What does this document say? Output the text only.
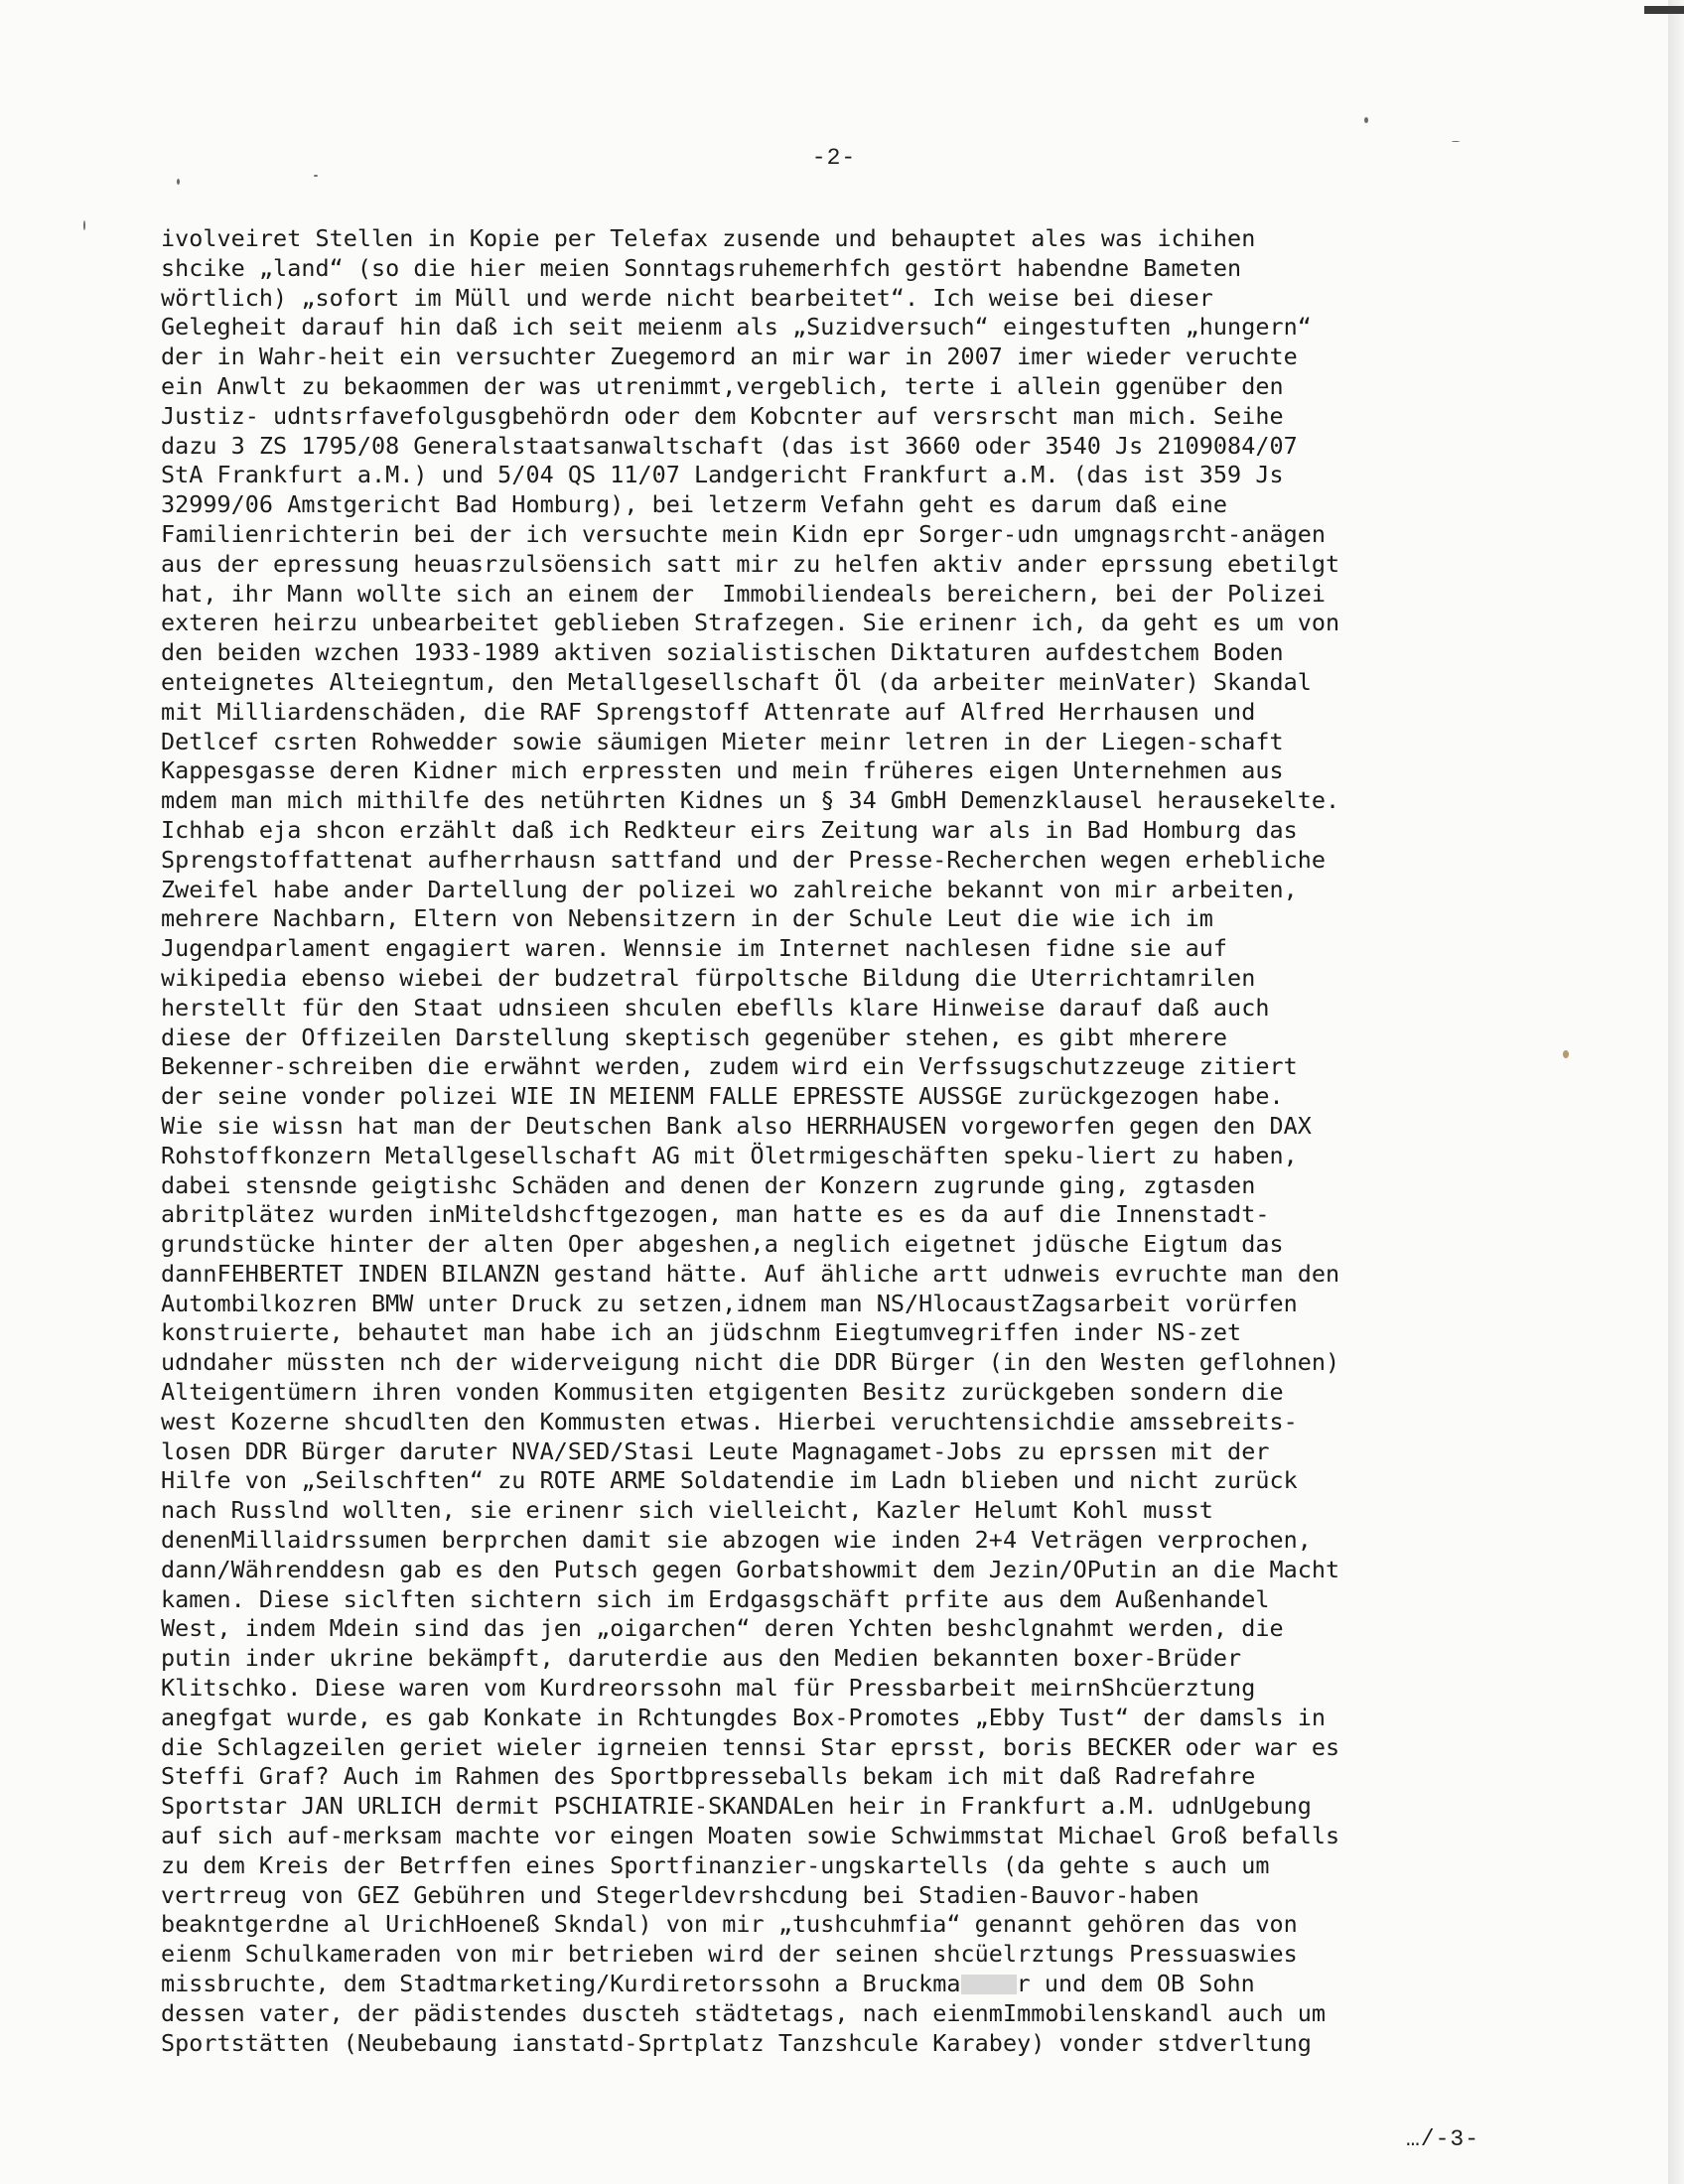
-2-
ivolveiret Stellen in Kopie per Telefax zusende und behauptet ales was ichihen
shcike „land“ (so die hier meien Sonntagsruhemerhfch gestört habendne Bameten
wörtlich) „sofort im Müll und werde nicht bearbeitet“. Ich weise bei dieser
Gelegheit darauf hin daß ich seit meienm als „Suzidversuch“ eingestuften „hungern“
der in Wahr-heit ein versuchter Zuegemord an mir war in 2007 imer wieder veruchte
ein Anwlt zu bekaommen der was utrenimmt,vergeblich, terte i allein ggenüber den
Justiz- udntsrfavefolgusgbehördn oder dem Kobcnter auf versrscht man mich. Seihe
dazu 3 ZS 1795/08 Generalstaatsanwaltschaft (das ist 3660 oder 3540 Js 2109084/07
StA Frankfurt a.M.) und 5/04 QS 11/07 Landgericht Frankfurt a.M. (das ist 359 Js
32999/06 Amstgericht Bad Homburg), bei letzerm Vefahn geht es darum daß eine
Familienrichterin bei der ich versuchte mein Kidn epr Sorger-udn umgnagsrcht-anägen
aus der epressung heuasrzulsöensich satt mir zu helfen aktiv ander eprssung ebetilgt
hat, ihr Mann wollte sich an einem der  Immobiliendeals bereichern, bei der Polizei
exteren heirzu unbearbeitet geblieben Strafzegen. Sie erinenr ich, da geht es um von
den beiden wzchen 1933-1989 aktiven sozialistischen Diktaturen aufdestchem Boden
enteignetes Alteiegntum, den Metallgesellschaft Öl (da arbeiter meinVater) Skandal
mit Milliardenschäden, die RAF Sprengstoff Attenrate auf Alfred Herrhausen und
Detlcef csrten Rohwedder sowie säumigen Mieter meinr letren in der Liegen-schaft
Kappesgasse deren Kidner mich erpressten und mein früheres eigen Unternehmen aus
mdem man mich mithilfe des netührten Kidnes un § 34 GmbH Demenzklausel herausekelte.
Ichhab eja shcon erzählt daß ich Redkteur eirs Zeitung war als in Bad Homburg das
Sprengstoffattenat aufherrhausn sattfand und der Presse-Recherchen wegen erhebliche
Zweifel habe ander Dartellung der polizei wo zahlreiche bekannt von mir arbeiten,
mehrere Nachbarn, Eltern von Nebensitzern in der Schule Leut die wie ich im
Jugendparlament engagiert waren. Wennsie im Internet nachlesen fidne sie auf
wikipedia ebenso wiebei der budzetral fürpoltsche Bildung die Uterrichtamrilen
herstellt für den Staat udnsieen shculen ebeflls klare Hinweise darauf daß auch
diese der Offizeilen Darstellung skeptisch gegenüber stehen, es gibt mherere
Bekenner-schreiben die erwähnt werden, zudem wird ein Verfssugschutzzeuge zitiert
der seine vonder polizei WIE IN MEIENM FALLE EPRESSTE AUSSGE zurückgezogen habe.
Wie sie wissn hat man der Deutschen Bank also HERRHAUSEN vorgeworfen gegen den DAX
Rohstoffkonzern Metallgesellschaft AG mit Öletrmigeschäften speku-liert zu haben,
dabei stensnde geigtishc Schäden and denen der Konzern zugrunde ging, zgtasden
abritplätez wurden inMiteldshcftgezogen, man hatte es es da auf die Innenstadt-
grundstücke hinter der alten Oper abgeshen,a neglich eigetnet jdüsche Eigtum das
dannFEHBERTET INDEN BILANZN gestand hätte. Auf ähliche artt udnweis evruchte man den
Autombilkozren BMW unter Druck zu setzen,idnem man NS/HlocaustZagsarbeit vorürfen
konstruierte, behautet man habe ich an jüdschnm Eiegtumvegriffen inder NS-zet
udndaher müssten nch der widerveigung nicht die DDR Bürger (in den Westen geflohnen)
Alteigentümern ihren vonden Kommusiten etgigenten Besitz zurückgeben sondern die
west Kozerne shcudlten den Kommusten etwas. Hierbei veruchtensichdie amssebreits-
losen DDR Bürger daruter NVA/SED/Stasi Leute Magnagamet-Jobs zu eprssen mit der
Hilfe von „Seilschften“ zu ROTE ARME Soldatendie im Ladn blieben und nicht zurück
nach Russlnd wollten, sie erinenr sich vielleicht, Kazler Helumt Kohl musst
denenMillaidrssumen berprchen damit sie abzogen wie inden 2+4 Veträgen verprochen,
dann/Währenddesn gab es den Putsch gegen Gorbatshowmit dem Jezin/OPutin an die Macht
kamen. Diese siclften sichtern sich im Erdgasgschäft prfite aus dem Außenhandel
West, indem Mdein sind das jen „oigarchen“ deren Ychten beshclgnahmt werden, die
putin inder ukrine bekämpft, daruterdie aus den Medien bekannten boxer-Brüder
Klitschko. Diese waren vom Kurdreorssohn mal für Pressbarbeit meirnShcüerztung
anegfgat wurde, es gab Konkate in Rchtungdes Box-Promotes „Ebby Tust“ der damsls in
die Schlagzeilen geriet wieler igrneien tennsi Star eprsst, boris BECKER oder war es
Steffi Graf? Auch im Rahmen des Sportbpresseballs bekam ich mit daß Radrefahre
Sportstar JAN URLICH dermit PSCHIATRIE-SKANDALen heir in Frankfurt a.M. udnUgebung
auf sich auf-merksam machte vor eingen Moaten sowie Schwimmstat Michael Groß befalls
zu dem Kreis der Betrffen eines Sportfinanzier-ungskartells (da gehte s auch um
vertrreug von GEZ Gebühren und Stegerldevrshcdung bei Stadien-Bauvor-haben
beakntgerdne al UrichHoeneß Skndal) von mir „tushcuhmfia“ genannt gehören das von
eienm Schulkameraden von mir betrieben wird der seinen shcüelrztungs Pressuaswies
missbruchte, dem Stadtmarketing/Kurdiretorssohn a Bruckma r und dem OB Sohn
dessen vater, der pädistendes duscteh städtetags, nach eienmImmobilenskandl auch um
Sportstätten (Neubebaung ianstatd-Sprtplatz Tanzshcule Karabey) vonder stdverltung
…/-3-
